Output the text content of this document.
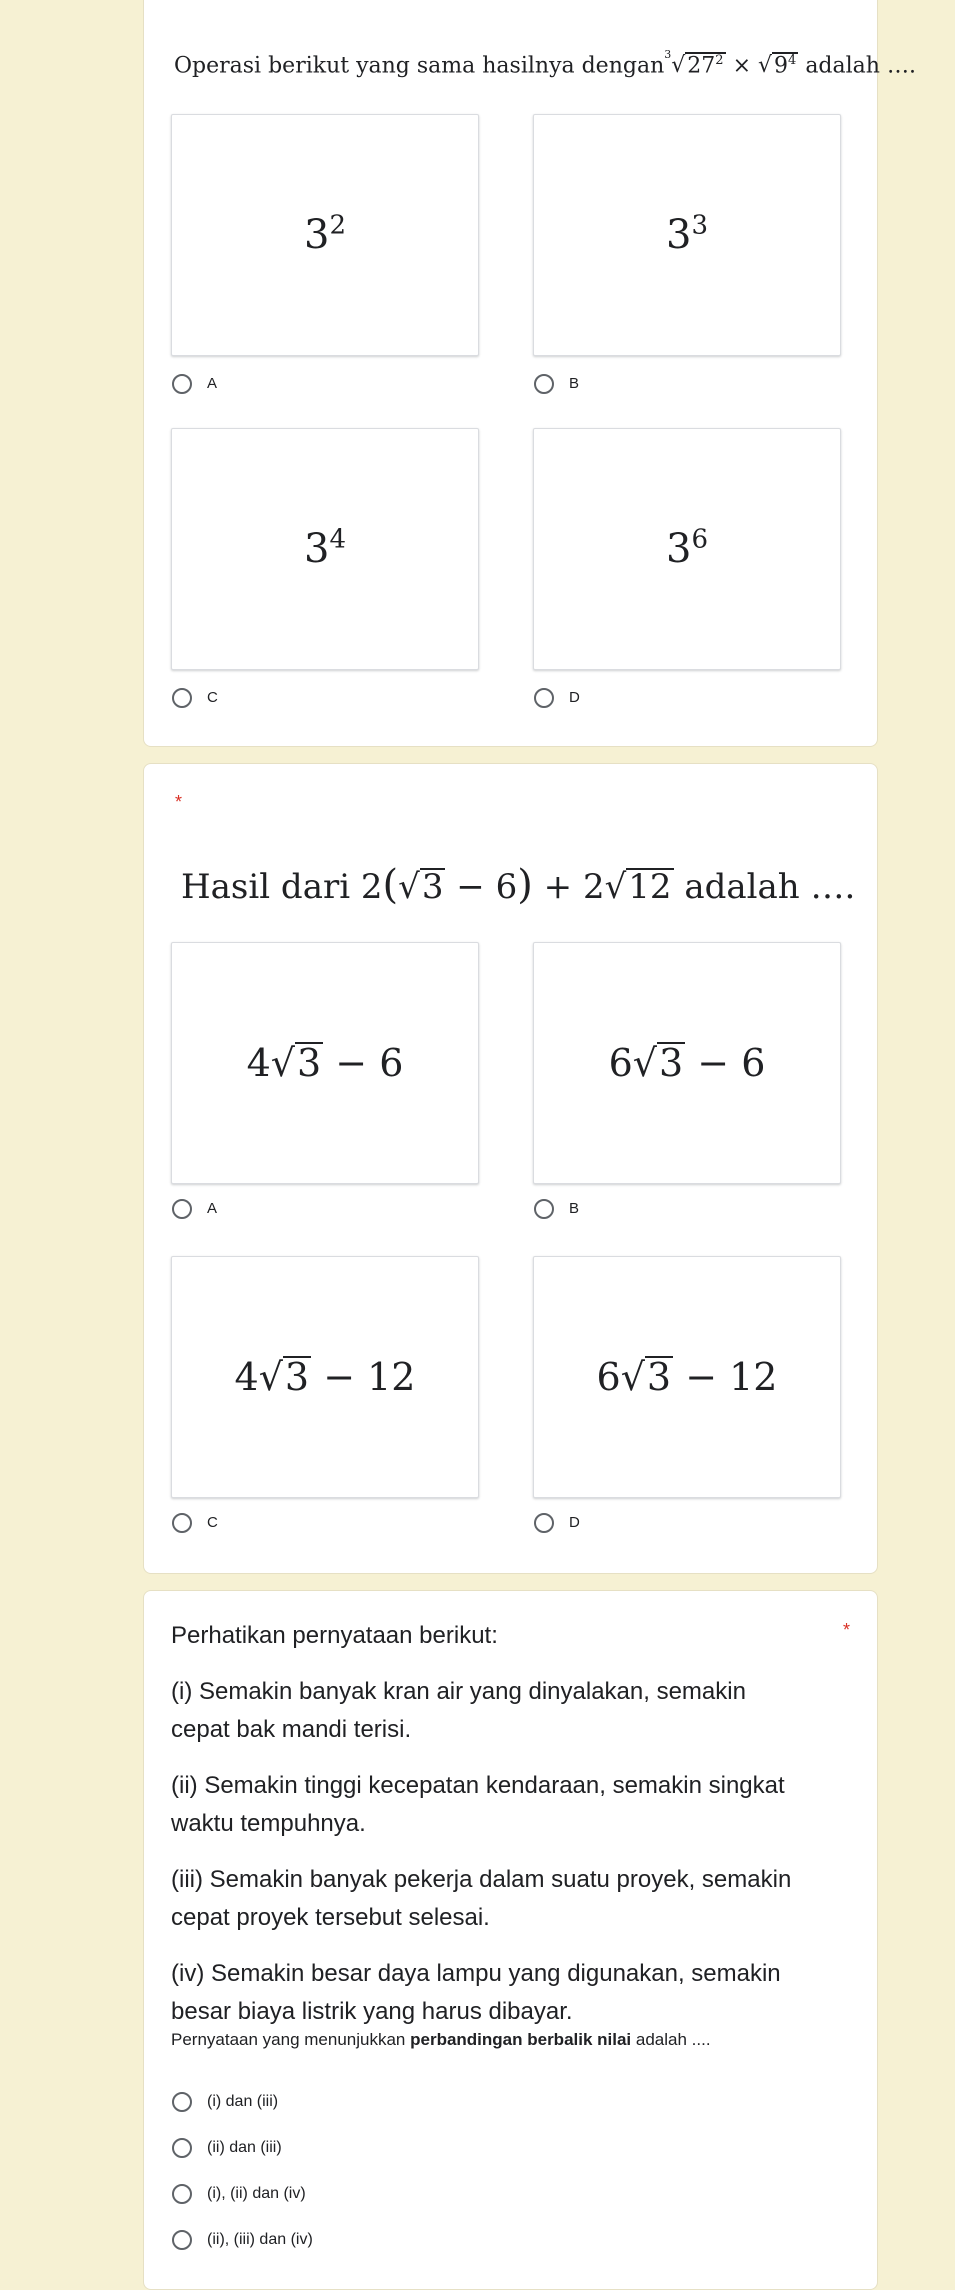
Operasi berikut yang sama hasilnya $dengan^3√27^2 \times √9^4$ adalah ….
$3^2$
A
$3^3$
B
$3^4$
C
$3^6$
D
*
Hasil dari 2(√3 − 6) + 2√12 adalah ….
4√3 − 6
A
6√3 − 6
B
4√3 − 12
C
6√3 − 12
D
*
Perhatikan pernyataan berikut:
(i) Semakin banyak kran air yang dinyalakan, semakin cepat bak mandi terisi.
(ii) Semakin tinggi kecepatan kendaraan, semakin singkat waktu tempuhnya.
(iii) Semakin banyak pekerja dalam suatu proyek, semakin cepat proyek tersebut selesai.
(iv) Semakin besar daya lampu yang digunakan, semakin besar biaya listrik yang harus dibayar.
Pernyataan yang menunjukkan perbandingan berbalik nilai adalah ....
(i) dan (iii)
(ii) dan (iii)
(i), (ii) dan (iv)
(ii), (iii) dan (iv)
